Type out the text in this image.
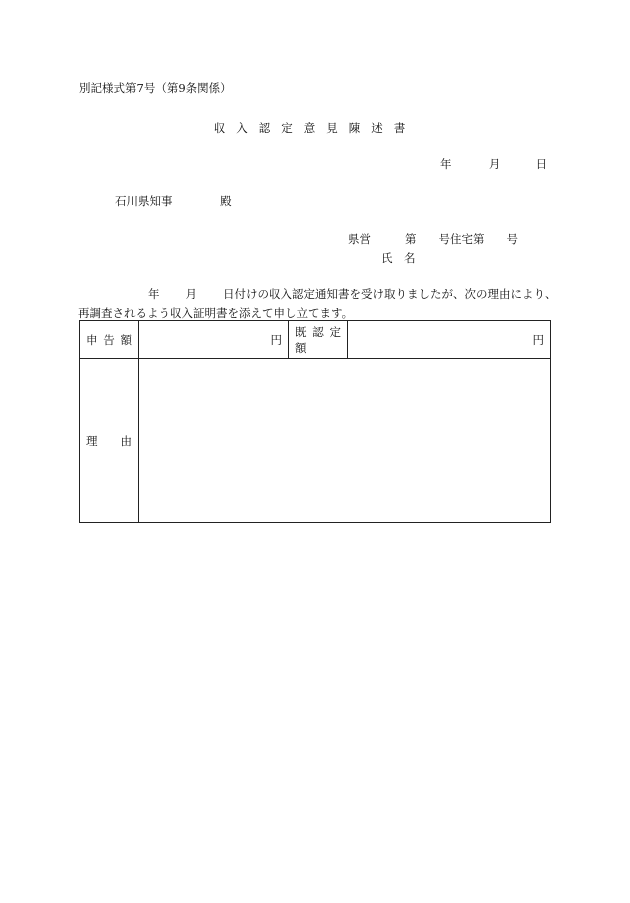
別記様式第7号（第9条関係）
収入認定意見陳述書
年	月	日
石川県知事	殿
県営	第 号住宅第 号
氏　名
年 月 日付けの収入認定通知書を受け取りましたが、次の理由により、再調査されるよう収入証明書を添えて申し立てます。
申 告 額	円	既 認 定 額	円
理　　由			
